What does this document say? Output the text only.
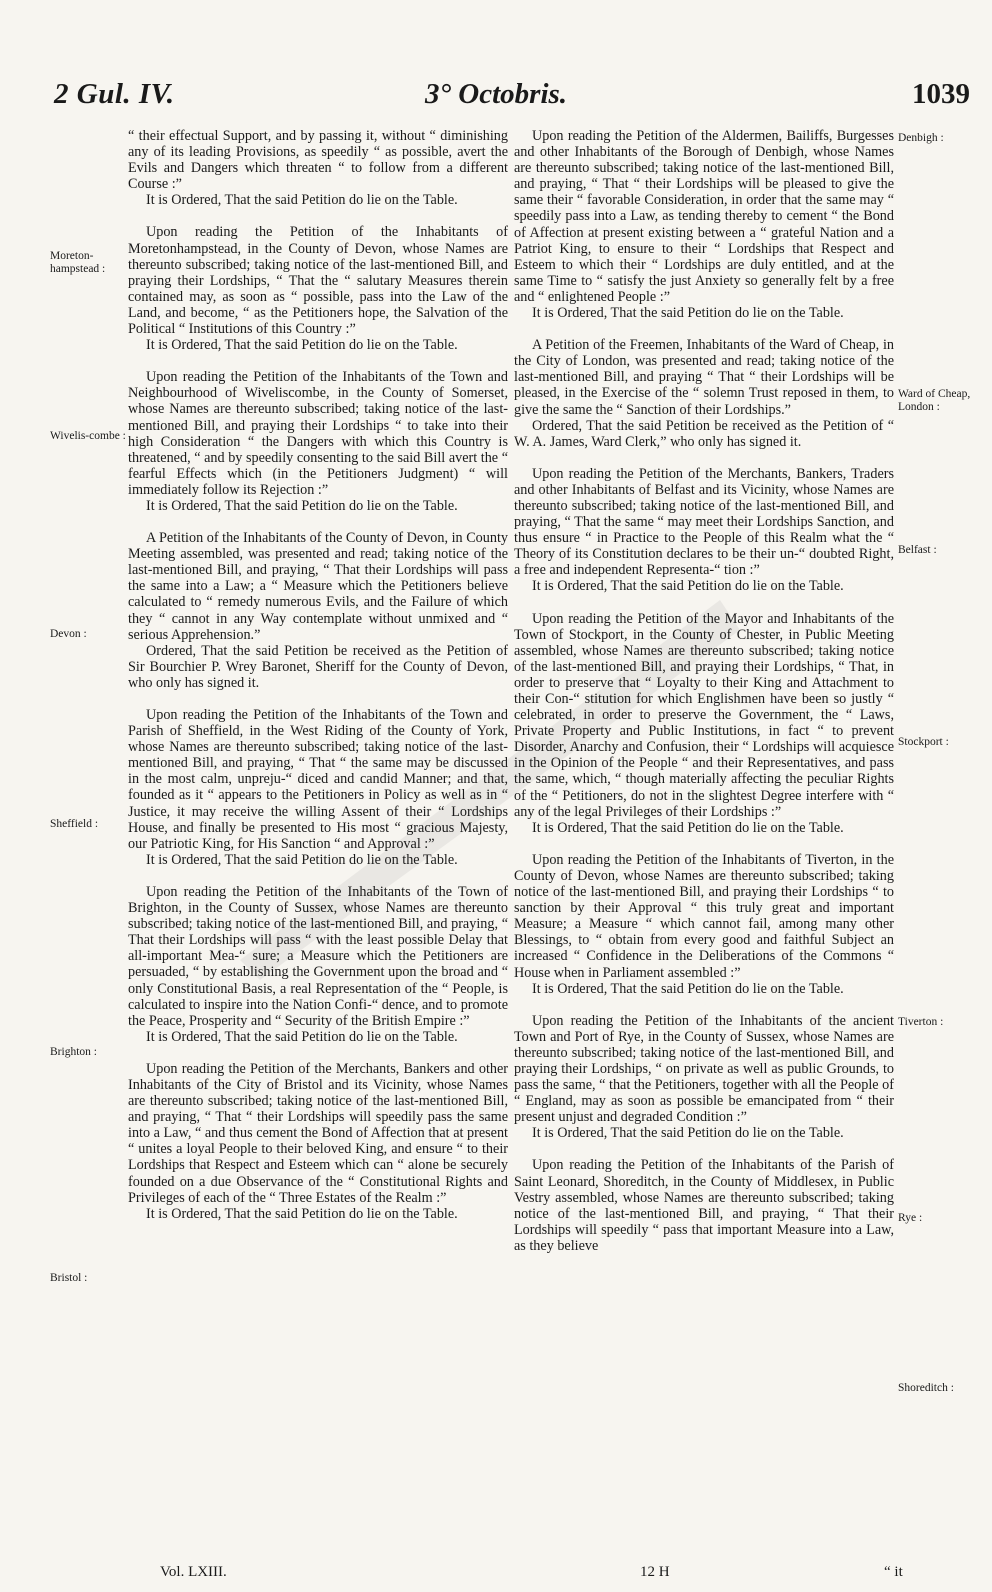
2 Gul. IV.	3° Octobris.	1039

“ their effectual Support, and by passing it, without “ diminishing any of its leading Provisions, as speedily “ as possible, avert the Evils and Dangers which threaten “ to follow from a different Course :”

It is Ordered, That the said Petition do lie on the Table.

Upon reading the Petition of the Inhabitants of Moretonhampstead, in the County of Devon, whose Names are thereunto subscribed; taking notice of the last-mentioned Bill, and praying their Lordships, “ That the “ salutary Measures therein contained may, as soon as “ possible, pass into the Law of the Land, and become, “ as the Petitioners hope, the Salvation of the Political “ Institutions of this Country :”

It is Ordered, That the said Petition do lie on the Table.

Upon reading the Petition of the Inhabitants of the Town and Neighbourhood of Wiveliscombe, in the County of Somerset, whose Names are thereunto subscribed; taking notice of the last-mentioned Bill, and praying their Lordships “ to take into their high Consideration “ the Dangers with which this Country is threatened, “ and by speedily consenting to the said Bill avert the “ fearful Effects which (in the Petitioners Judgment) “ will immediately follow its Rejection :”

It is Ordered, That the said Petition do lie on the Table.

A Petition of the Inhabitants of the County of Devon, in County Meeting assembled, was presented and read; taking notice of the last-mentioned Bill, and praying, “ That their Lordships will pass the same into a Law; a “ Measure which the Petitioners believe calculated to “ remedy numerous Evils, and the Failure of which they “ cannot in any Way contemplate without unmixed and “ serious Apprehension.”

Ordered, That the said Petition be received as the Petition of Sir Bourchier P. Wrey Baronet, Sheriff for the County of Devon, who only has signed it.

Upon reading the Petition of the Inhabitants of the Town and Parish of Sheffield, in the West Riding of the County of York, whose Names are thereunto subscribed; taking notice of the last-mentioned Bill, and praying, “ That “ the same may be discussed in the most calm, unpreju-“ diced and candid Manner; and that, founded as it “ appears to the Petitioners in Policy as well as in “ Justice, it may receive the willing Assent of their “ Lordships House, and finally be presented to His most “ gracious Majesty, our Patriotic King, for His Sanction “ and Approval :”

It is Ordered, That the said Petition do lie on the Table.

Upon reading the Petition of the Inhabitants of the Town of Brighton, in the County of Sussex, whose Names are thereunto subscribed; taking notice of the last-mentioned Bill, and praying, “ That their Lordships will pass “ with the least possible Delay that all-important Mea-“ sure; a Measure which the Petitioners are persuaded, “ by establishing the Government upon the broad and “ only Constitutional Basis, a real Representation of the “ People, is calculated to inspire into the Nation Confi-“ dence, and to promote the Peace, Prosperity and “ Security of the British Empire :”

It is Ordered, That the said Petition do lie on the Table.

Upon reading the Petition of the Merchants, Bankers and other Inhabitants of the City of Bristol and its Vicinity, whose Names are thereunto subscribed; taking notice of the last-mentioned Bill, and praying, “ That “ their Lordships will speedily pass the same into a Law, “ and thus cement the Bond of Affection that at present “ unites a loyal People to their beloved King, and ensure “ to their Lordships that Respect and Esteem which can “ alone be securely founded on a due Observance of the “ Constitutional Rights and Privileges of each of the “ Three Estates of the Realm :”

It is Ordered, That the said Petition do lie on the Table.

Moreton-hampstead :
Wivelis-combe :
Devon :
Sheffield :
Brighton :
Bristol :

Upon reading the Petition of the Aldermen, Bailiffs, Burgesses and other Inhabitants of the Borough of Denbigh, whose Names are thereunto subscribed; taking notice of the last-mentioned Bill, and praying, “ That “ their Lordships will be pleased to give the same their “ favorable Consideration, in order that the same may “ speedily pass into a Law, as tending thereby to cement “ the Bond of Affection at present existing between a “ grateful Nation and a Patriot King, to ensure to their “ Lordships that Respect and Esteem to which their “ Lordships are duly entitled, and at the same Time to “ satisfy the just Anxiety so generally felt by a free and “ enlightened People :”

It is Ordered, That the said Petition do lie on the Table.

A Petition of the Freemen, Inhabitants of the Ward of Cheap, in the City of London, was presented and read; taking notice of the last-mentioned Bill, and praying “ That “ their Lordships will be pleased, in the Exercise of the “ solemn Trust reposed in them, to give the same the “ Sanction of their Lordships.”

Ordered, That the said Petition be received as the Petition of “ W. A. James, Ward Clerk,” who only has signed it.

Upon reading the Petition of the Merchants, Bankers, Traders and other Inhabitants of Belfast and its Vicinity, whose Names are thereunto subscribed; taking notice of the last-mentioned Bill, and praying, “ That the same “ may meet their Lordships Sanction, and thus ensure “ in Practice to the People of this Realm what the “ Theory of its Constitution declares to be their un-“ doubted Right, a free and independent Representa-“ tion :”

It is Ordered, That the said Petition do lie on the Table.

Upon reading the Petition of the Mayor and Inhabitants of the Town of Stockport, in the County of Chester, in Public Meeting assembled, whose Names are thereunto subscribed; taking notice of the last-mentioned Bill, and praying their Lordships, “ That, in order to preserve that “ Loyalty to their King and Attachment to their Con-“ stitution for which Englishmen have been so justly “ celebrated, in order to preserve the Government, the “ Laws, Private Property and Public Institutions, in fact “ to prevent Disorder, Anarchy and Confusion, their “ Lordships will acquiesce in the Opinion of the People “ and their Representatives, and pass the same, which, “ though materially affecting the peculiar Rights of the “ Petitioners, do not in the slightest Degree interfere with “ any of the legal Privileges of their Lordships :”

It is Ordered, That the said Petition do lie on the Table.

Upon reading the Petition of the Inhabitants of Tiverton, in the County of Devon, whose Names are thereunto subscribed; taking notice of the last-mentioned Bill, and praying their Lordships “ to sanction by their Approval “ this truly great and important Measure; a Measure “ which cannot fail, among many other Blessings, to “ obtain from every good and faithful Subject an increased “ Confidence in the Deliberations of the Commons “ House when in Parliament assembled :”

It is Ordered, That the said Petition do lie on the Table.

Upon reading the Petition of the Inhabitants of the ancient Town and Port of Rye, in the County of Sussex, whose Names are thereunto subscribed; taking notice of the last-mentioned Bill, and praying their Lordships, “ on private as well as public Grounds, to pass the same, “ that the Petitioners, together with all the People of “ England, may as soon as possible be emancipated from “ their present unjust and degraded Condition :”

It is Ordered, That the said Petition do lie on the Table.

Upon reading the Petition of the Inhabitants of the Parish of Saint Leonard, Shoreditch, in the County of Middlesex, in Public Vestry assembled, whose Names are thereunto subscribed; taking notice of the last-mentioned Bill, and praying, “ That their Lordships will speedily “ pass that important Measure into a Law, as they believe

Denbigh :
Ward of Cheap, London :
Belfast :
Stockport :
Tiverton :
Rye :
Shoreditch :
Vol. LXIII.	12 H	“ it
